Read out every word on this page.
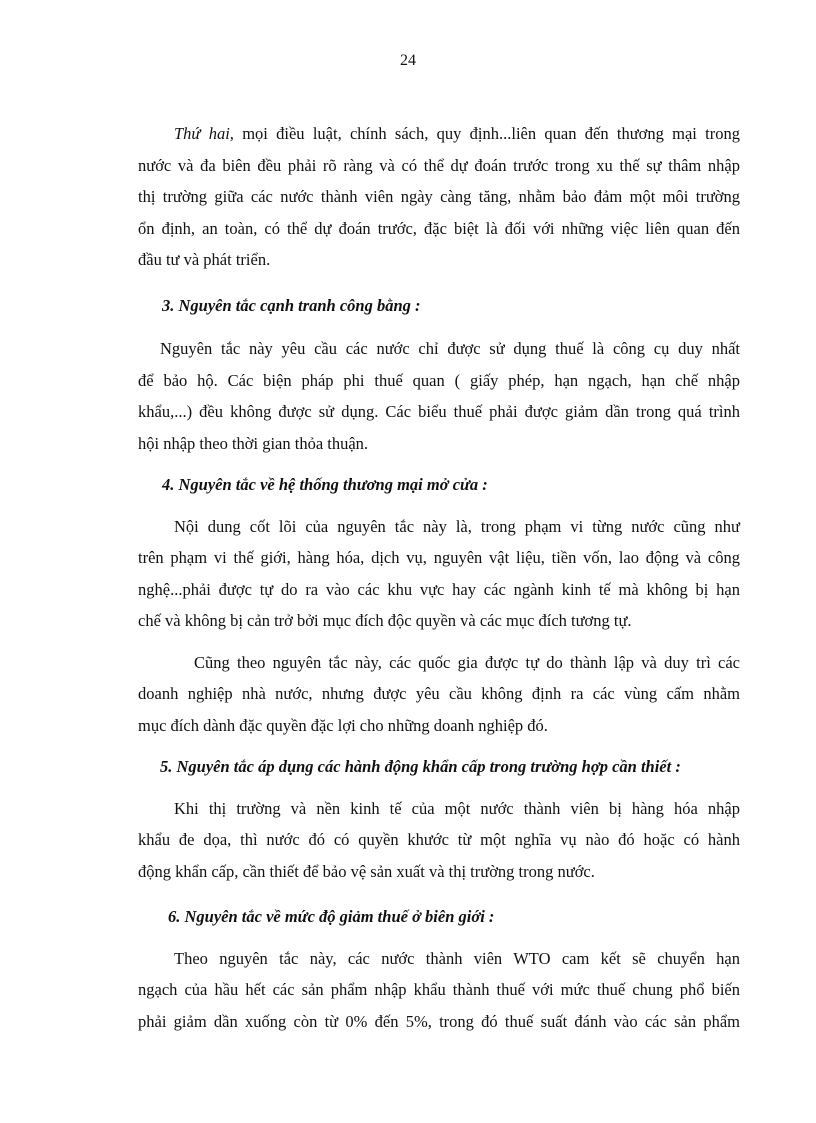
24
Thứ hai, mọi điều luật, chính sách, quy định...liên quan đến thương mại trong
nước và đa biên đều phải rõ ràng và có thể dự đoán trước trong xu thế sự thâm nhập
thị trường giữa các nước thành viên ngày càng tăng, nhằm bảo đảm một môi trường
ổn định, an toàn, có thể dự đoán trước, đặc biệt là đối với những việc liên quan đến
đầu tư và phát triển.
3. Nguyên tắc cạnh tranh công bằng :
Nguyên tắc này yêu cầu các nước chỉ được sử dụng thuế là công cụ duy nhất
để bảo hộ. Các biện pháp phi thuế quan ( giấy phép, hạn ngạch, hạn chế nhập
khẩu,...) đều không được sử dụng. Các biểu thuế phải được giảm dần trong quá trình
hội nhập theo thời gian thỏa thuận.
4. Nguyên tắc về hệ thống thương mại mở cửa :
Nội dung cốt lõi của nguyên tắc này là, trong phạm vi từng nước cũng như
trên phạm vi thế giới, hàng hóa, dịch vụ, nguyên vật liệu, tiền vốn, lao động và công
nghệ...phải được tự do ra vào các khu vực hay các ngành kinh tế mà không bị hạn
chế và không bị cản trở bởi mục đích độc quyền và các mục đích tương tự.
Cũng theo nguyên tắc này, các quốc gia được tự do thành lập và duy trì các
doanh nghiệp nhà nước, nhưng được yêu cầu không định ra các vùng cấm nhằm
mục đích dành đặc quyền đặc lợi cho những doanh nghiệp đó.
5. Nguyên tắc áp dụng các hành động khẩn cấp trong trường hợp cần thiết :
Khi thị trường và nền kinh tế của một nước thành viên bị hàng hóa nhập
khẩu đe dọa, thì nước đó có quyền khước từ một nghĩa vụ nào đó hoặc có hành
động khẩn cấp, cần thiết để bảo vệ sản xuất và thị trường trong nước.
6. Nguyên tắc về mức độ giảm thuế ở biên giới :
Theo nguyên tắc này, các nước thành viên WTO cam kết sẽ chuyển hạn
ngạch của hầu hết các sản phẩm nhập khẩu thành thuế với mức thuế chung phổ biến
phải giảm dần xuống còn từ 0% đến 5%, trong đó thuế suất đánh vào các sản phẩm
